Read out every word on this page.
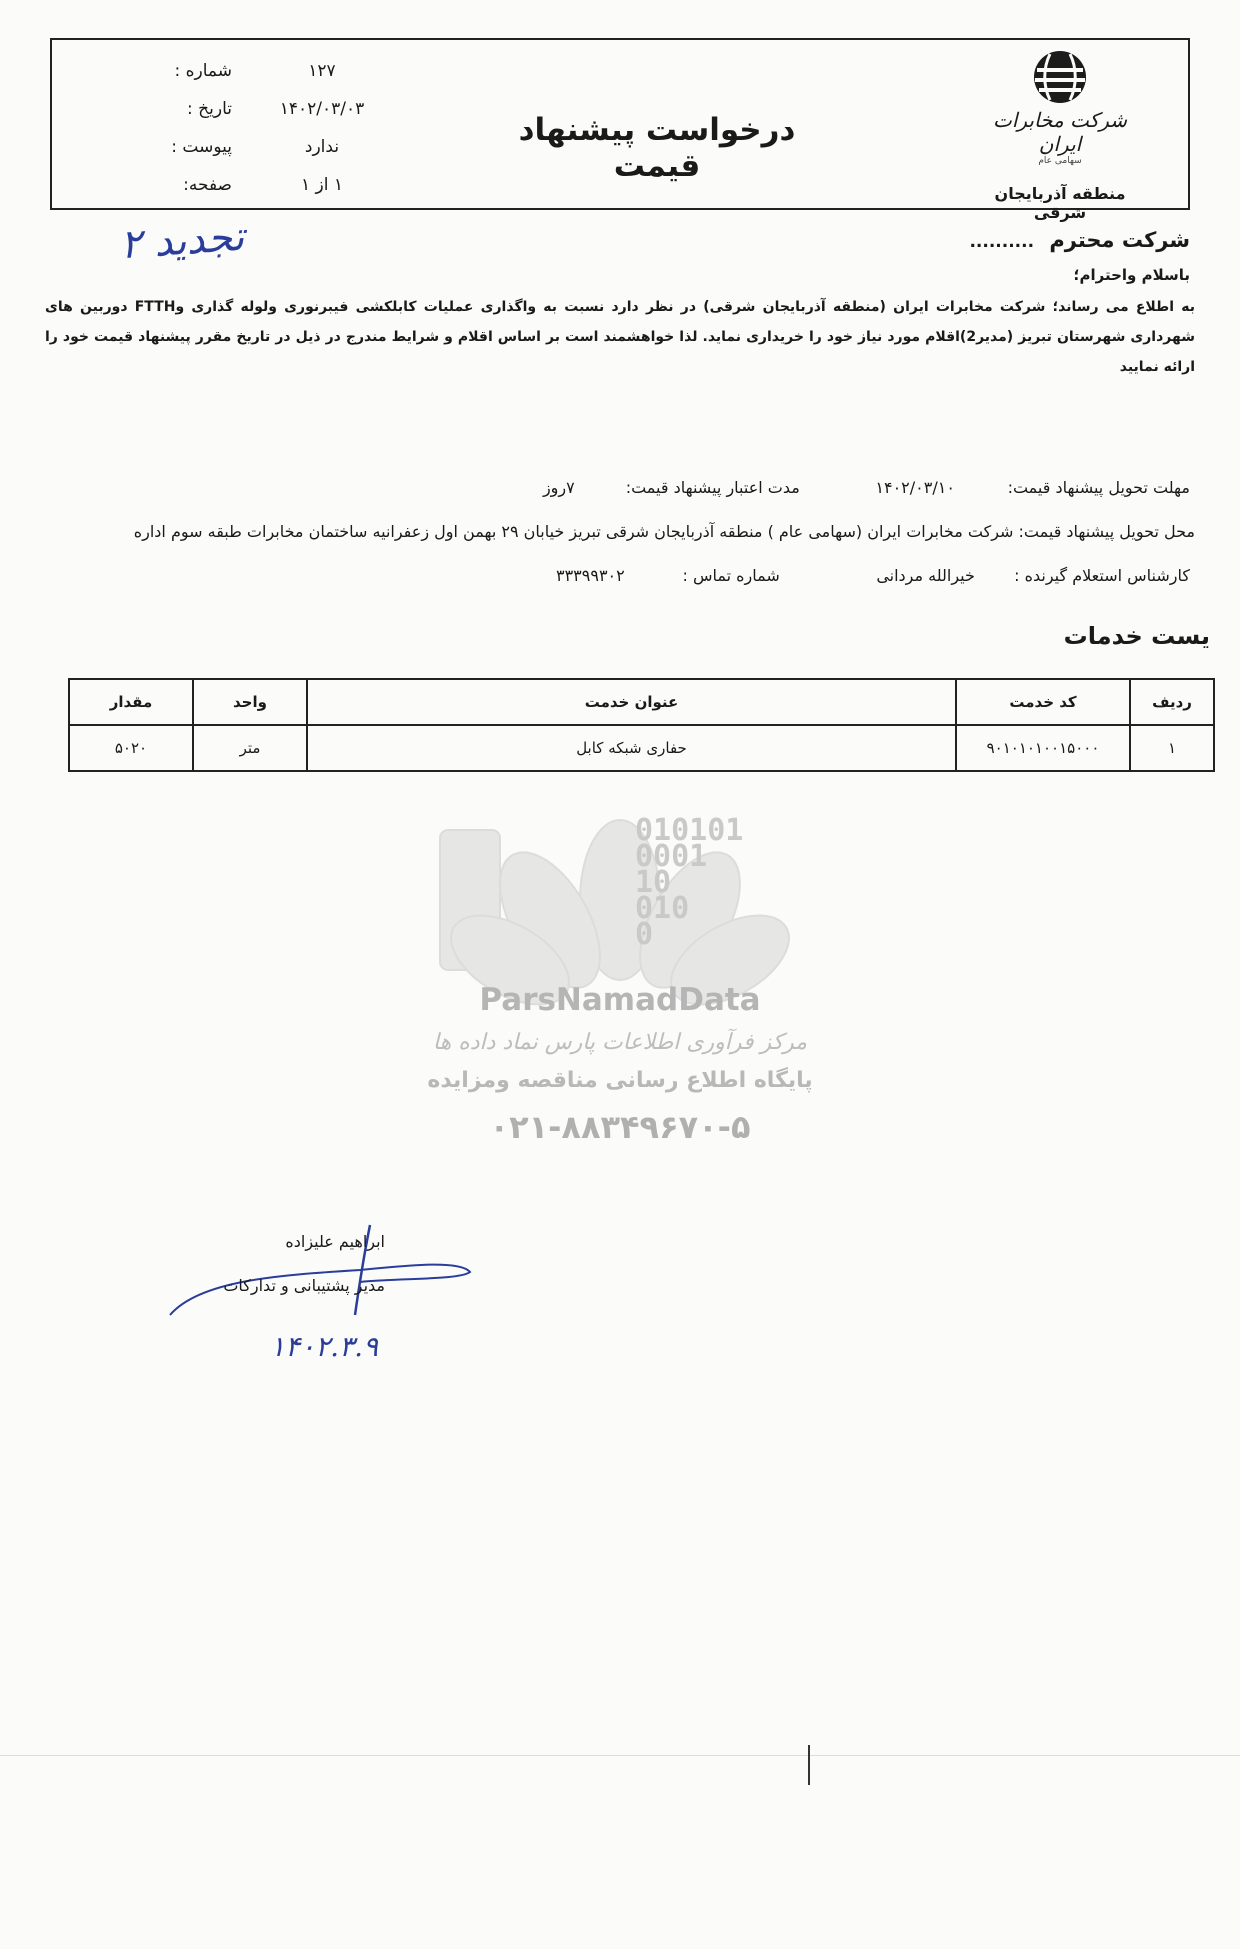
شرکت مخابرات ایران
سهامی عام
منطقه آذربایجان شرقی
درخواست پیشنهاد قیمت
شماره :	۱۲۷
تاریخ :	۱۴۰۲/۰۳/۰۳
پیوست :	ندارد
صفحه:	۱ از ۱
تجدید ۲	شرکت محترم ..........
باسلام واحترام؛
به اطلاع می رساند؛ شرکت مخابرات ایران (منطقه آذربایجان شرقی) در نظر دارد نسبت به واگذاری عملیات کابلکشی فیبرنوری ولوله گذاری وFTTH دوربین های شهرداری شهرستان تبریز (مدیر2)اقلام مورد نیاز خود را خریداری نماید. لذا خواهشمند است بر اساس اقلام و شرایط مندرج در ذیل در تاریخ مقرر پیشنهاد قیمت خود را ارائه نمایید
مهلت تحویل پیشنهاد قیمت: ۱۴۰۲/۰۳/۱۰ مدت اعتبار پیشنهاد قیمت: ۷روز
محل تحویل پیشنهاد قیمت: شرکت مخابرات ایران (سهامی عام ) منطقه آذربایجان شرقی تبریز خیابان ۲۹ بهمن اول زعفرانیه ساختمان مخابرات طبقه سوم اداره
کارشناس استعلام گیرنده : خیرالله مردانی شماره تماس : ۳۳۳۹۹۳۰۲
یست خدمات
ردیف	کد خدمت	عنوان خدمت	واحد	مقدار
۱	۹۰۱۰۱۰۱۰۰۱۵۰۰۰	حفاری شبکه کابل	متر	۵۰۲۰
010101
0001
10
010
0
ParsNamadData
مرکز فرآوری اطلاعات پارس نماد داده ها
پایگاه اطلاع رسانی مناقصه ومزایده
۰۲۱-۸۸۳۴۹۶۷۰-۵
ابراهیم علیزاده
مدیر پشتیبانی و تدارکات
۱۴۰۲.۳.۹
